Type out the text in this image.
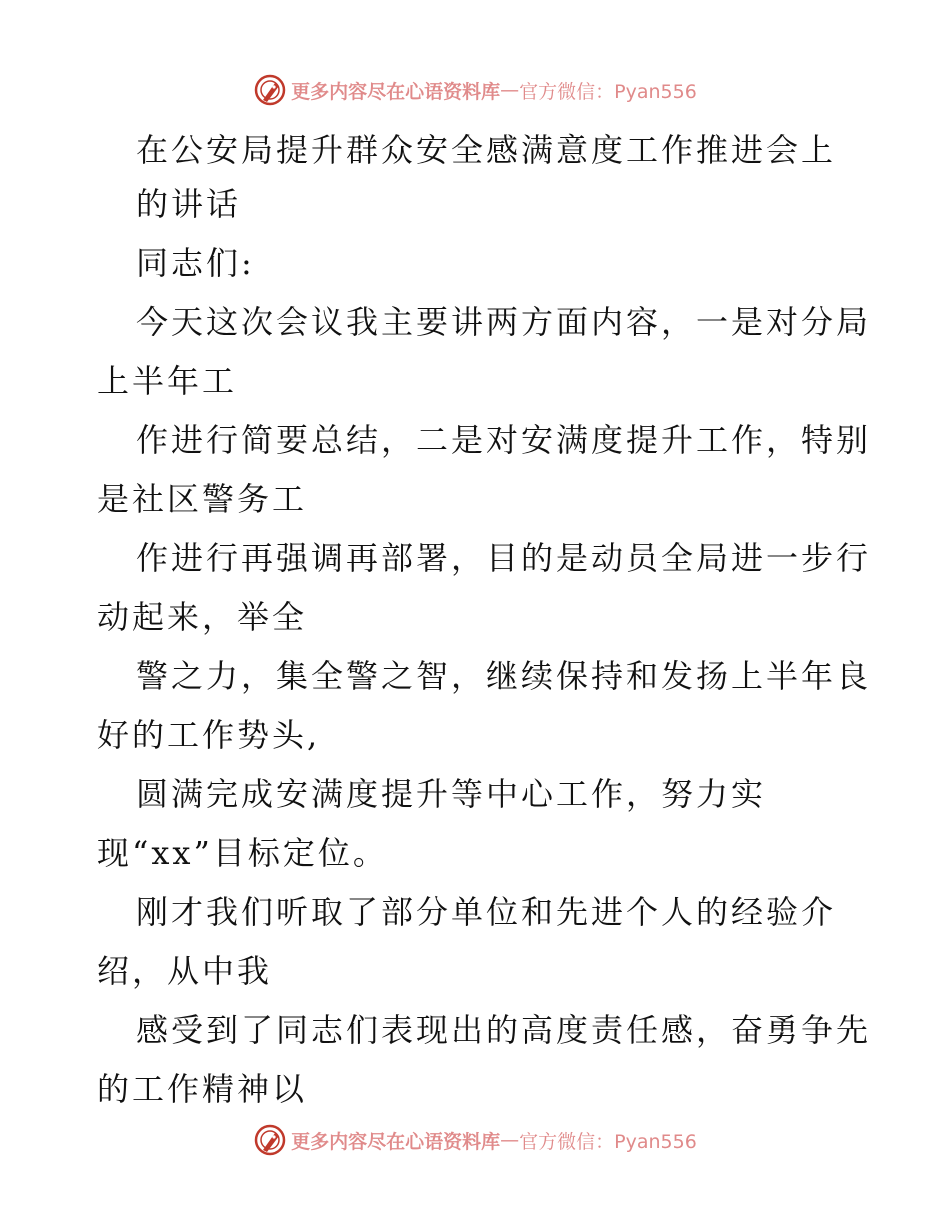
更多内容尽在心语资料库 — 官方微信：Pyan556
在公安局提升群众安全感满意度工作推进会上
的讲话
同志们:
今天这次会议我主要讲两方面内容，一是对分局
上半年工
作进行简要总结，二是对安满度提升工作，特别
是社区警务工
作进行再强调再部署，目的是动员全局进一步行
动起来，举全
警之力，集全警之智，继续保持和发扬上半年良
好的工作势头,
圆满完成安满度提升等中心工作，努力实
现“xx”目标定位。
刚才我们听取了部分单位和先进个人的经验介
绍，从中我
感受到了同志们表现出的高度责任感，奋勇争先
的工作精神以
更多内容尽在心语资料库 — 官方微信：Pyan556
